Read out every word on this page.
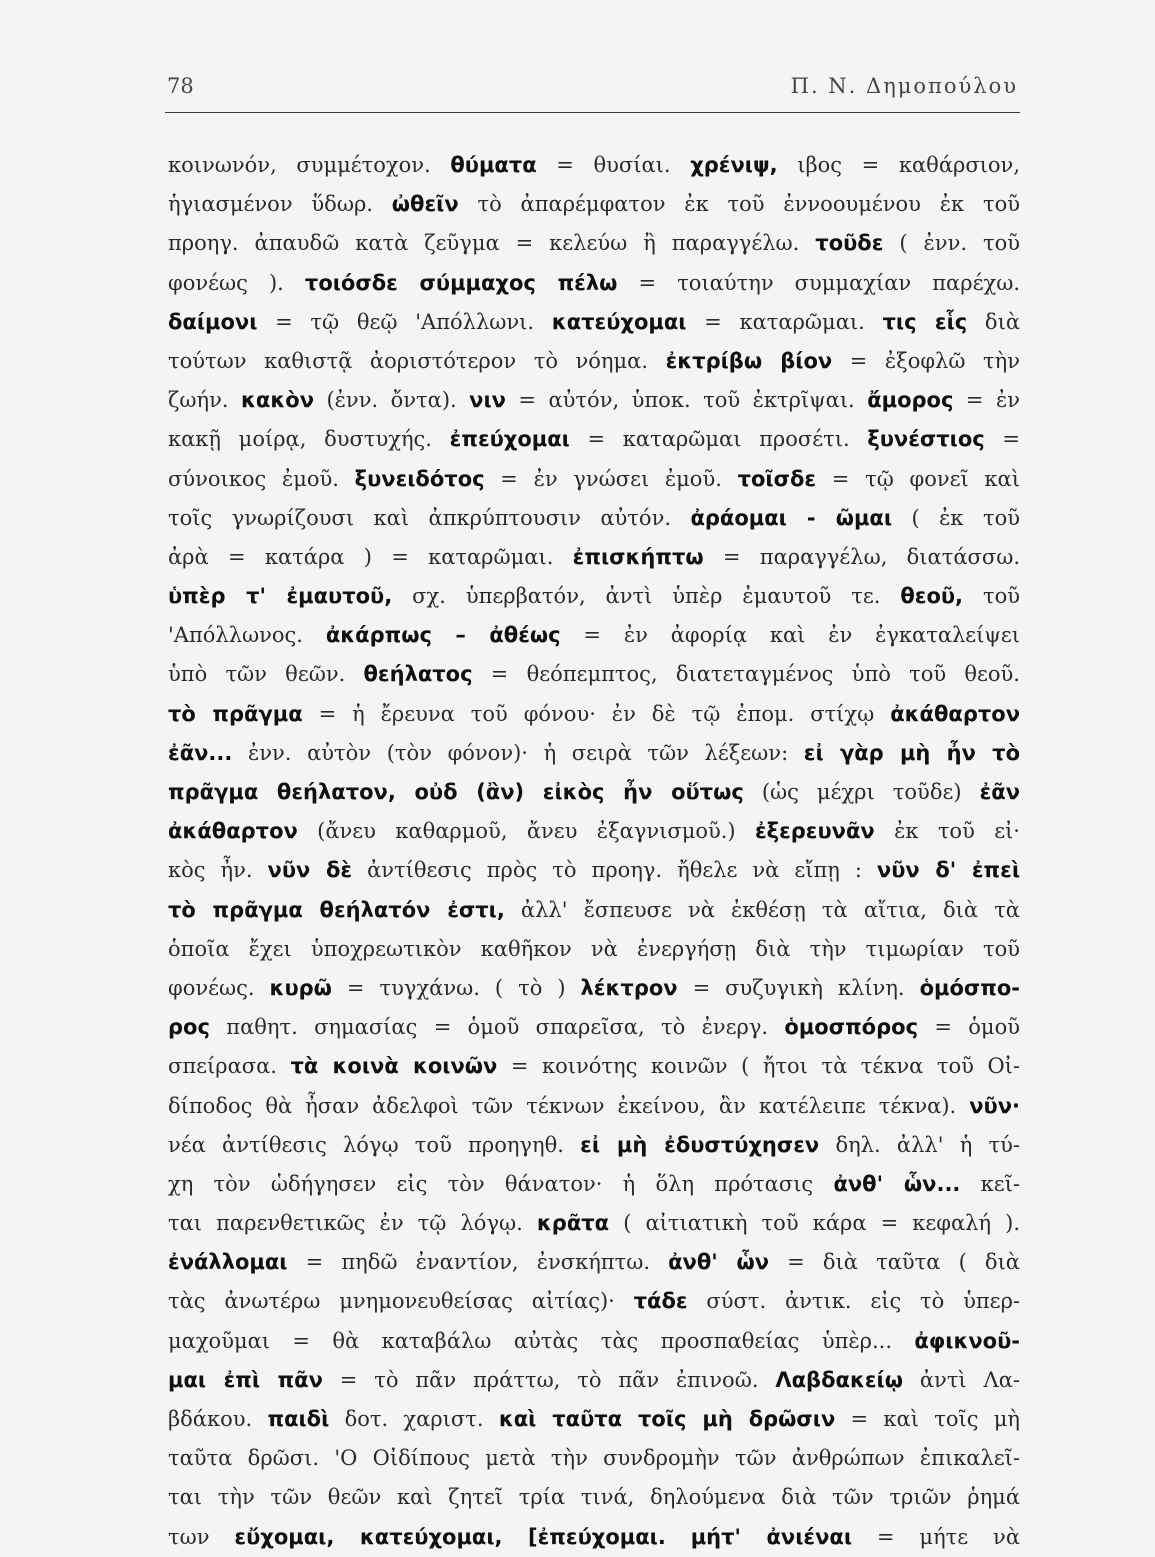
78	Π. Ν. Δημοπούλου
κοινωνόν, συμμέτοχον. θύματα = θυσίαι. χρένιψ, ιβος = καθάρσιον,
ἡγιασμένον ὕδωρ. ὠθεῖν τὸ ἀπαρέμφατον ἐκ τοῦ ἐννοουμένου ἐκ τοῦ
προηγ. ἀπαυδῶ κατὰ ζεῦγμα = κελεύω ἢ παραγγέλω. τοῦδε ( ἐνν. τοῦ
φονέως ). τοιόσδε σύμμαχος πέλω = τοιαύτην συμμαχίαν παρέχω.
δαίμονι = τῷ θεῷ 'Απόλλωνι. κατεύχομαι = καταρῶμαι. τις εἷς διὰ
τούτων καθιστᾷ ἀοριστότερον τὸ νόημα. ἐκτρίβω βίον = ἐξοφλῶ τὴν
ζωήν. κακὸν (ἐνν. ὄντα). νιν = αὐτόν, ὑποκ. τοῦ ἐκτρῖψαι. ἄμορος = ἐν
κακῇ μοίρᾳ, δυστυχής. ἐπεύχομαι = καταρῶμαι προσέτι. ξυνέστιος =
σύνοικος ἐμοῦ. ξυνειδότος = ἐν γνώσει ἐμοῦ. τοῖσδε = τῷ φονεῖ καὶ
τοῖς γνωρίζουσι καὶ ἀπκρύπτουσιν αὐτόν. ἀράομαι - ῶμαι ( ἐκ τοῦ
ἀρὰ = κατάρα ) = καταρῶμαι. ἐπισκήπτω = παραγγέλω, διατάσσω.
ὑπὲρ τ' ἐμαυτοῦ, σχ. ὑπερβατόν, ἀντὶ ὑπὲρ ἐμαυτοῦ τε. θεοῦ, τοῦ
'Απόλλωνος. ἀκάρπως – ἀθέως = ἐν ἀφορίᾳ καὶ ἐν ἐγκαταλείψει
ὑπὸ τῶν θεῶν. θεήλατος = θεόπεμπτος, διατεταγμένος ὑπὸ τοῦ θεοῦ.
τὸ πρᾶγμα = ἡ ἔρευνα τοῦ φόνου· ἐν δὲ τῷ ἐπομ. στίχῳ ἀκάθαρτον
ἐᾶν... ἐνν. αὐτὸν (τὸν φόνον)· ἡ σειρὰ τῶν λέξεων: εἰ γὰρ μὴ ἦν τὸ
πρᾶγμα θεήλατον, οὐδ (ἂν) εἰκὸς ἦν οὕτως (ὡς μέχρι τοῦδε) ἐᾶν
ἀκάθαρτον (ἄνευ καθαρμοῦ, ἄνευ ἐξαγνισμοῦ.) ἐξερευνᾶν ἐκ τοῦ εἰ·
κὸς ἦν. νῦν δὲ ἀντίθεσις πρὸς τὸ προηγ. ἤθελε νὰ εἴπῃ : νῦν δ' ἐπεὶ
τὸ πρᾶγμα θεήλατόν ἐστι, ἀλλ' ἔσπευσε νὰ ἐκθέσῃ τὰ αἴτια, διὰ τὰ
ὁποῖα ἔχει ὑποχρεωτικὸν καθῆκον νὰ ἐνεργήσῃ διὰ τὴν τιμωρίαν τοῦ
φονέως. κυρῶ = τυγχάνω. ( τὸ ) λέκτρον = συζυγικὴ κλίνη. ὁμόσπο-
ρος παθητ. σημασίας = ὁμοῦ σπαρεῖσα, τὸ ἐνεργ. ὁμοσπόρος = ὁμοῦ
σπείρασα. τὰ κοινὰ κοινῶν = κοινότης κοινῶν ( ἤτοι τὰ τέκνα τοῦ Οἰ-
δίποδος θὰ ἦσαν ἀδελφοὶ τῶν τέκνων ἐκείνου, ἂν κατέλειπε τέκνα). νῦν·
νέα ἀντίθεσις λόγῳ τοῦ προηγηθ. εἰ μὴ ἐδυστύχησεν δηλ. ἀλλ' ἡ τύ-
χη τὸν ὡδήγησεν εἰς τὸν θάνατον· ἡ ὅλη πρότασις ἀνθ' ὧν... κεῖ-
ται παρενθετικῶς ἐν τῷ λόγῳ. κρᾶτα ( αἰτιατικὴ τοῦ κάρα = κεφαλή ).
ἐνάλλομαι = πηδῶ ἐναντίον, ἐνσκήπτω. ἀνθ' ὧν = διὰ ταῦτα ( διὰ
τὰς ἀνωτέρω μνημονευθείσας αἰτίας)· τάδε σύστ. ἀντικ. εἰς τὸ ὑπερ-
μαχοῦμαι = θὰ καταβάλω αὐτὰς τὰς προσπαθείας ὑπὲρ... ἀφικνοῦ-
μαι ἐπὶ πᾶν = τὸ πᾶν πράττω, τὸ πᾶν ἐπινοῶ. Λαβδακείῳ ἀντὶ Λα-
βδάκου. παιδὶ δοτ. χαριστ. καὶ ταῦτα τοῖς μὴ δρῶσιν = καὶ τοῖς μὴ
ταῦτα δρῶσι. 'Ο Οἰδίπους μετὰ τὴν συνδρομὴν τῶν ἀνθρώπων ἐπικαλεῖ-
ται τὴν τῶν θεῶν καὶ ζητεῖ τρία τινά, δηλούμενα διὰ τῶν τριῶν ῥημά
των εὔχομαι, κατεύχομαι, [ἐπεύχομαι. μήτ' ἀνιέναι = μήτε νὰ
